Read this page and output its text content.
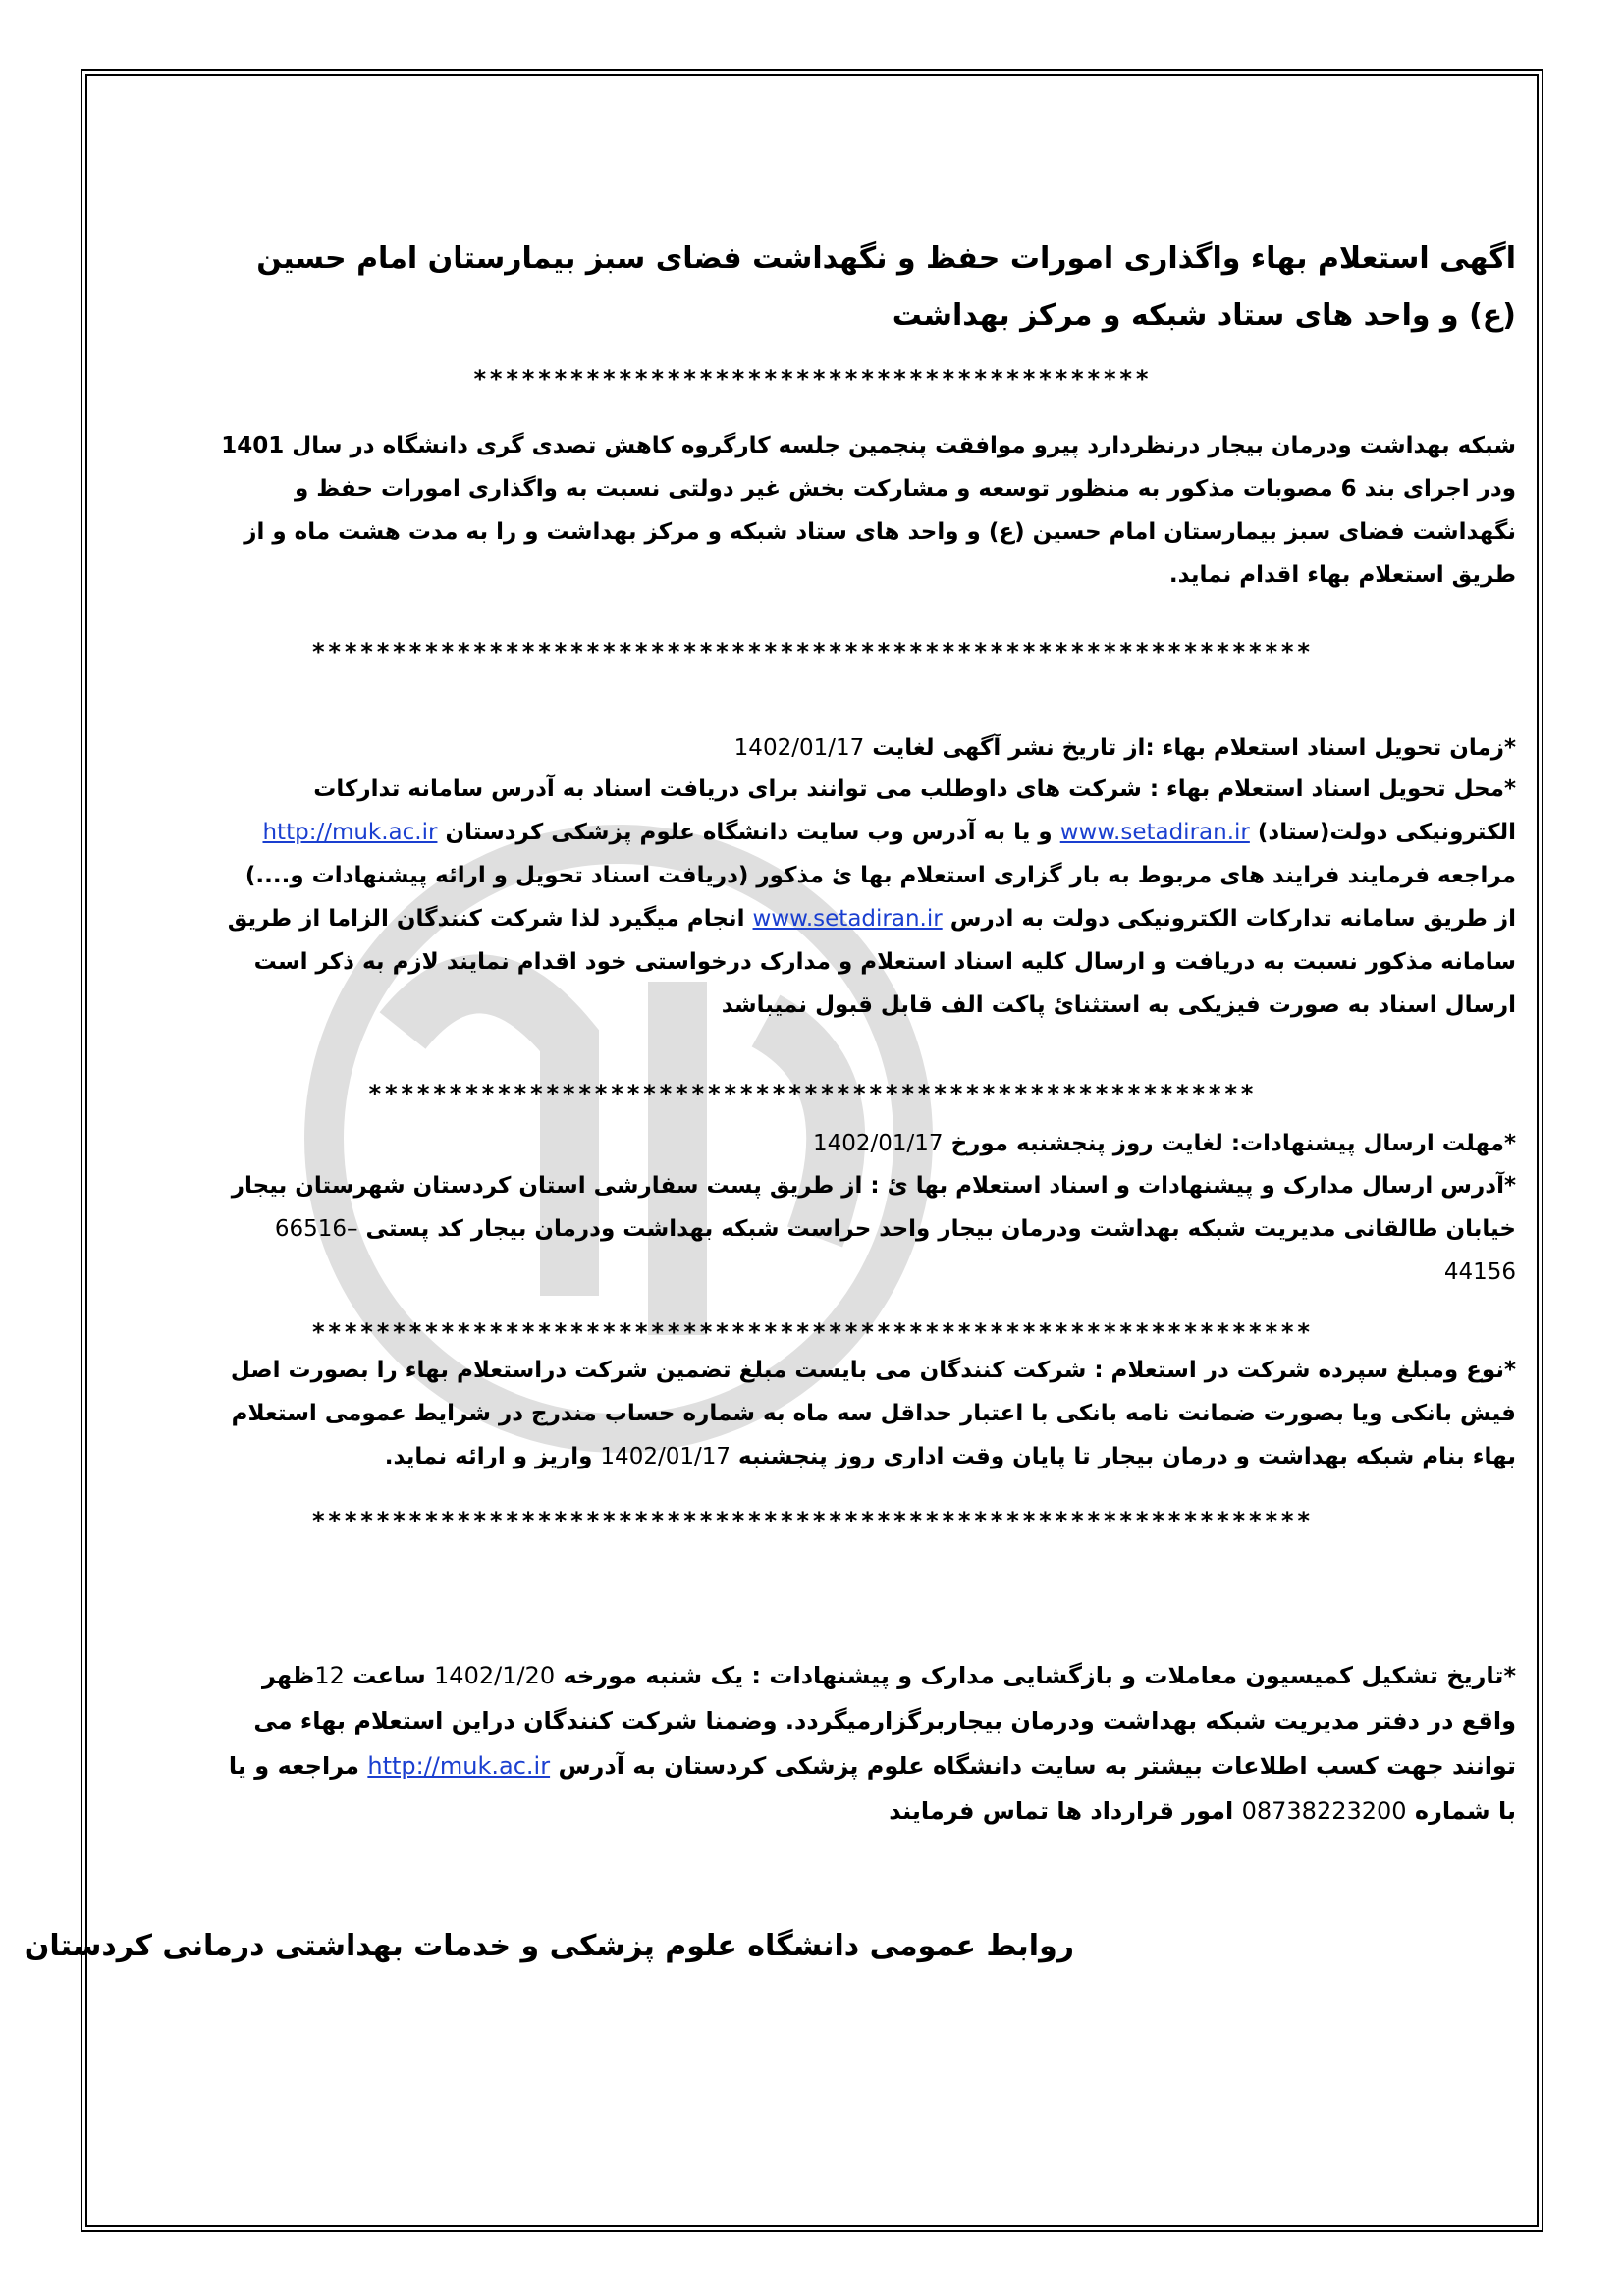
اگهی استعلام بهاء واگذاری امورات حفظ و نگهداشت فضای سبز بیمارستان امام حسین (ع) و واحد های ستاد شبکه و مرکز بهداشت

******************************************

شبکه بهداشت ودرمان بیجار درنظردارد پیرو موافقت پنجمین جلسه کارگروه کاهش تصدی گری دانشگاه در سال 1401 ودر اجرای بند 6 مصوبات مذکور به منظور توسعه و مشارکت بخش غیر دولتی نسبت به واگذاری امورات حفظ و نگهداشت فضای سبز بیمارستان امام حسین (ع) و واحد های ستاد شبکه و مرکز بهداشت و را به مدت هشت ماه و از طریق استعلام بهاء اقدام نماید.

**************************************************************
*زمان تحویل اسناد استعلام بهاء :از تاریخ نشر آگهی لغایت 1402/01/17
*محل تحویل اسناد استعلام بهاء : شرکت های داوطلب می توانند برای دریافت اسناد به آدرس سامانه تدارکات الکترونیکی دولت(ستاد) www.setadiran.ir و یا به آدرس وب سایت دانشگاه علوم پزشکی کردستان http://muk.ac.ir مراجعه فرمایند فرایند های مربوط به بار گزاری استعلام بها ئ مذکور (دریافت اسناد تحویل و ارائه پیشنهادات و....) از طریق سامانه تدارکات الکترونیکی دولت به ادرس www.setadiran.ir انجام میگیرد لذا شرکت کنندگان الزاما از طریق سامانه مذکور نسبت به دریافت و ارسال کلیه اسناد استعلام و مدارک درخواستی خود اقدام نمایند لازم به ذکر است ارسال اسناد به صورت فیزیکی به استثنائ پاکت الف قابل قبول نمیباشد
*******************************************************
*مهلت ارسال پیشنهادات: لغایت روز پنجشنبه مورخ 1402/01/17
*آدرس ارسال مدارک و پیشنهادات و اسناد استعلام بها ئ : از طریق پست سفارشی استان کردستان شهرستان بیجار خیابان طالقانی مدیریت شبکه بهداشت ودرمان بیجار واحد حراست شبکه بهداشت ودرمان بیجار کد پستی 66516–44156
**************************************************************
*نوع ومبلغ سپرده شرکت در استعلام : شرکت کنندگان می بایست مبلغ تضمین شرکت دراستعلام بهاء را بصورت اصل فیش بانکی ویا بصورت ضمانت نامه بانکی با اعتبار حداقل سه ماه به شماره حساب مندرج در شرایط عمومی استعلام بهاء بنام شبکه بهداشت و درمان بیجار تا پایان وقت اداری روز پنجشنبه 1402/01/17 واریز و ارائه نماید.
**************************************************************
*تاریخ تشکیل کمیسیون معاملات و بازگشایی مدارک و پیشنهادات : یک شنبه مورخه 1402/1/20 ساعت 12ظهر واقع در دفتر مدیریت شبکه بهداشت ودرمان بیجاربرگزارمیگردد. وضمنا شرکت کنندگان دراین استعلام بهاء می توانند جهت کسب اطلاعات بیشتر به سایت دانشگاه علوم پزشکی کردستان به آدرس http://muk.ac.ir مراجعه و یا با شماره 08738223200 امور قرارداد ها تماس فرمایند
روابط عمومی دانشگاه علوم پزشکی و خدمات بهداشتی درمانی کردستان
